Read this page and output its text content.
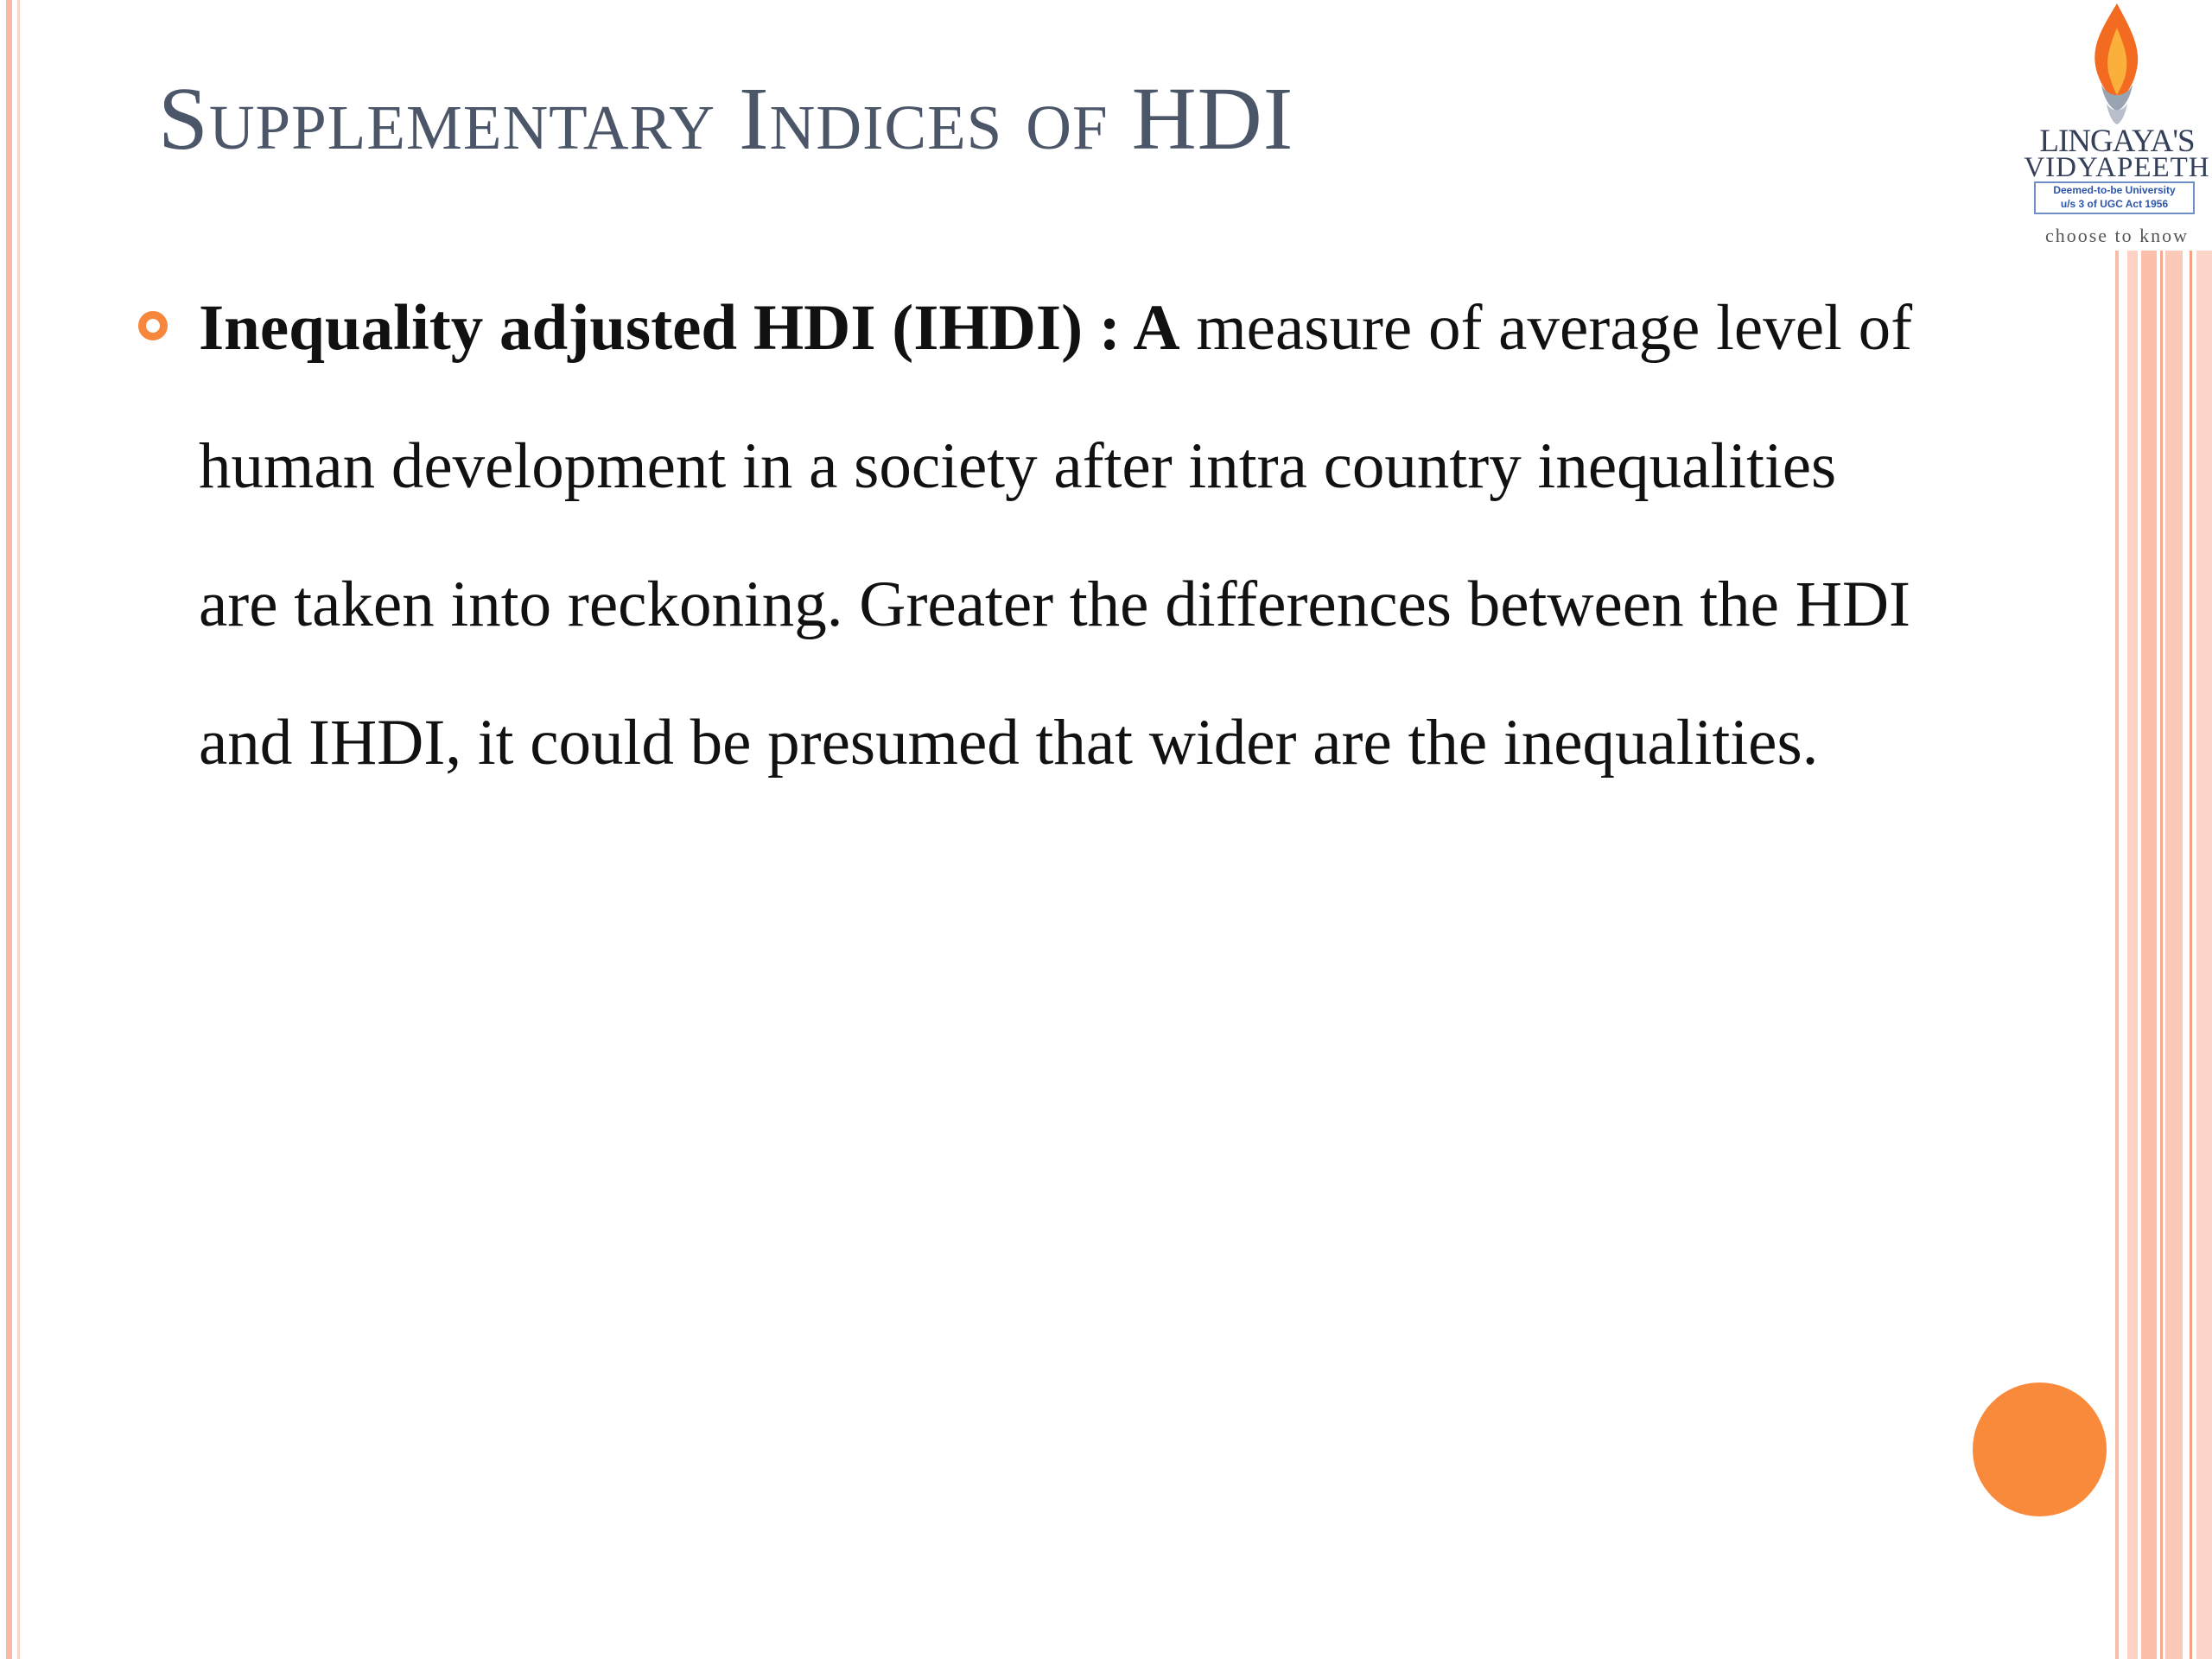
Supplementary Indices of HDI	LINGAYA'S
VIDYAPEETH
Deemed-to-be University
u/s 3 of UGC Act 1956
choose to know

Inequality adjusted HDI (IHDI) : A measure of average level of human development in a society after intra country inequalities are taken into reckoning. Greater the differences between the HDI and IHDI, it could be presumed that wider are the inequalities.
